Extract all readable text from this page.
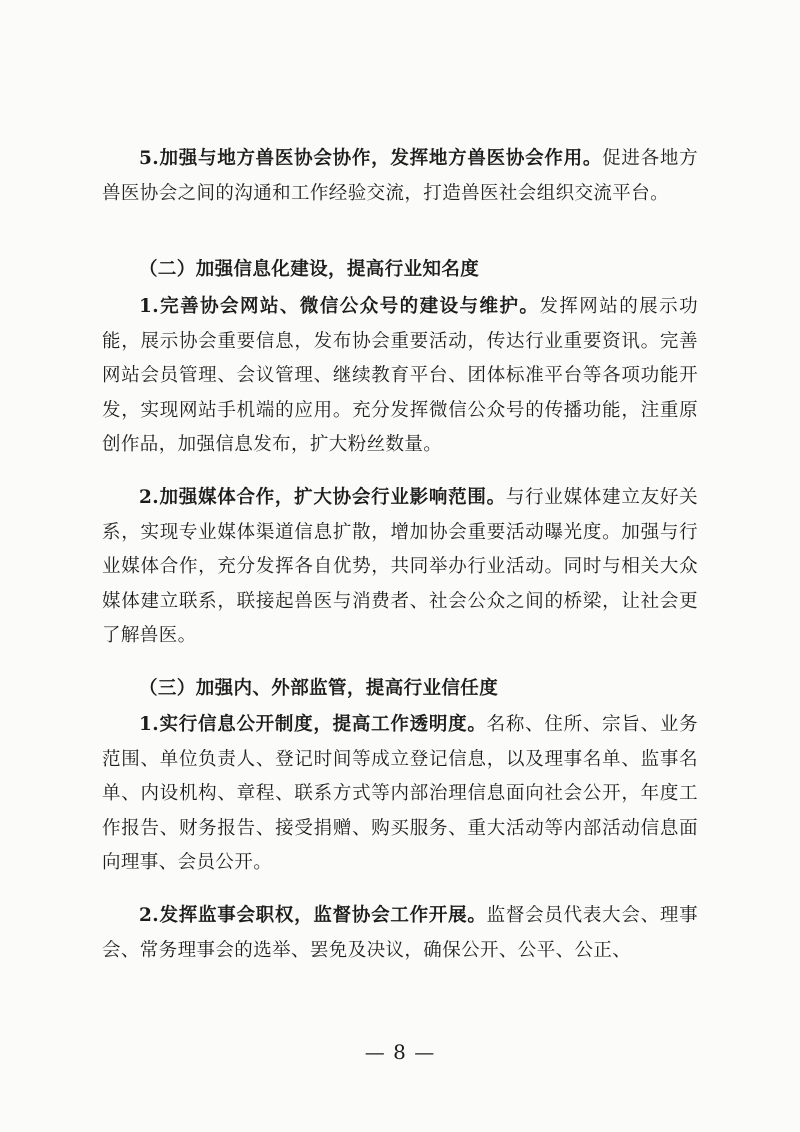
5.加强与地方兽医协会协作，发挥地方兽医协会作用。促进各地方兽医协会之间的沟通和工作经验交流，打造兽医社会组织交流平台。

（二）加强信息化建设，提高行业知名度

1.完善协会网站、微信公众号的建设与维护。发挥网站的展示功能，展示协会重要信息，发布协会重要活动，传达行业重要资讯。完善网站会员管理、会议管理、继续教育平台、团体标准平台等各项功能开发，实现网站手机端的应用。充分发挥微信公众号的传播功能，注重原创作品，加强信息发布，扩大粉丝数量。

2.加强媒体合作，扩大协会行业影响范围。与行业媒体建立友好关系，实现专业媒体渠道信息扩散，增加协会重要活动曝光度。加强与行业媒体合作，充分发挥各自优势，共同举办行业活动。同时与相关大众媒体建立联系，联接起兽医与消费者、社会公众之间的桥梁，让社会更了解兽医。

（三）加强内、外部监管，提高行业信任度

1.实行信息公开制度，提高工作透明度。名称、住所、宗旨、业务范围、单位负责人、登记时间等成立登记信息，以及理事名单、监事名单、内设机构、章程、联系方式等内部治理信息面向社会公开，年度工作报告、财务报告、接受捐赠、购买服务、重大活动等内部活动信息面向理事、会员公开。

2.发挥监事会职权，监督协会工作开展。监督会员代表大会、理事会、常务理事会的选举、罢免及决议，确保公开、公平、公正、

— 8 —
